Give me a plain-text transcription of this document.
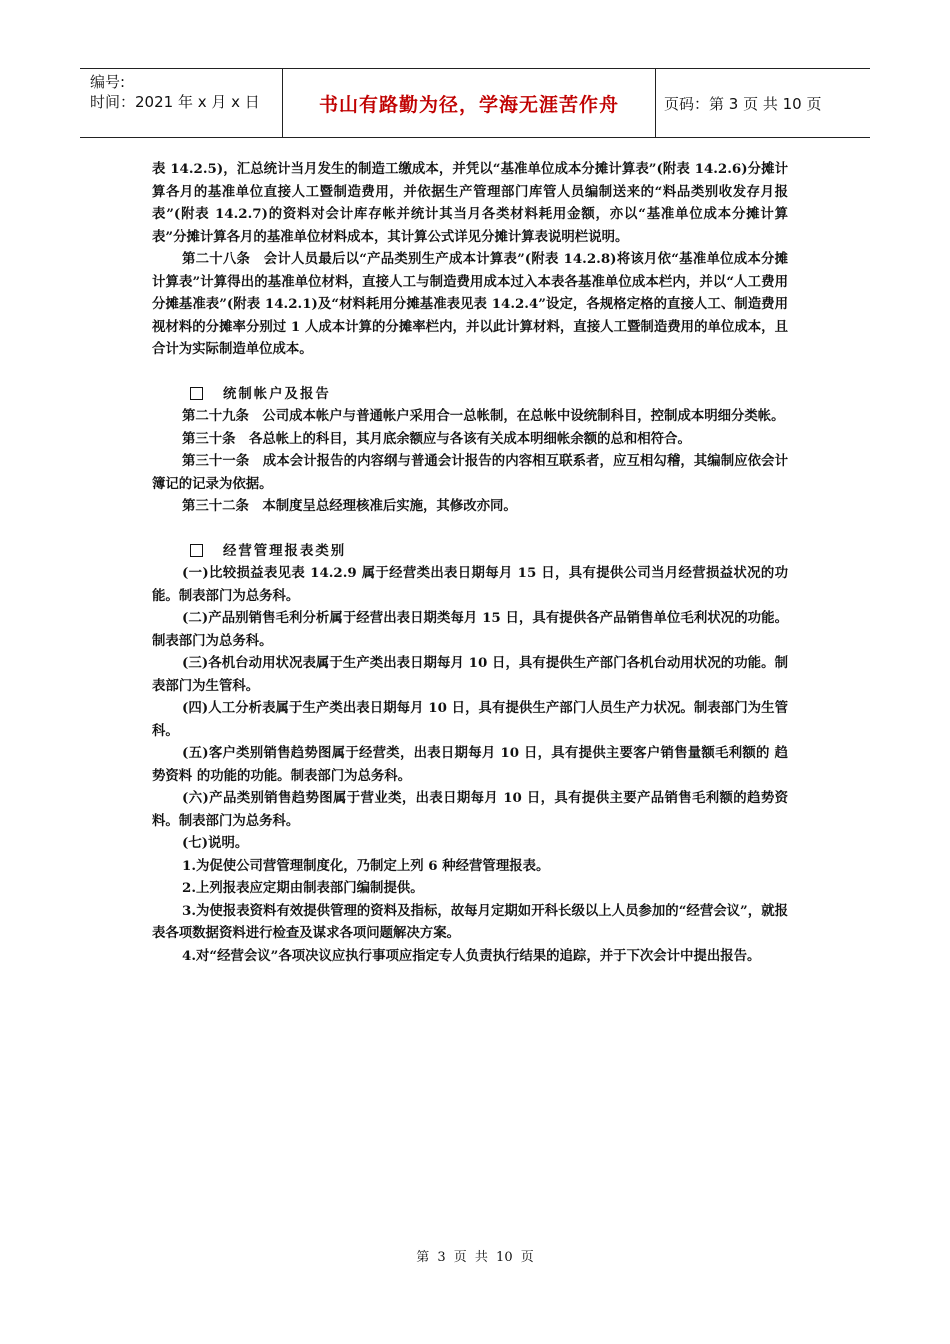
编号:
时间：2021 年 x 月 x 日	书山有路勤为径，学海无涯苦作舟	页码：第 3 页 共 10 页

表 14.2.5)，汇总统计当月发生的制造工缴成本，并凭以“基准单位成本分摊计算表”(附表 14.2.6)分摊计算各月的基准单位直接人工暨制造费用，并依据生产管理部门库管人员编制送来的“料品类别收发存月报表”(附表 14.2.7)的资料对会计库存帐并统计其当月各类材料耗用金额，亦以“基准单位成本分摊计算表”分摊计算各月的基准单位材料成本，其计算公式详见分摊计算表说明栏说明。

第二十八条　会计人员最后以“产品类别生产成本计算表”(附表 14.2.8)将该月依“基准单位成本分摊计算表”计算得出的基准单位材料，直接人工与制造费用成本过入本表各基准单位成本栏内，并以“人工费用分摊基准表”(附表 14.2.1)及“材料耗用分摊基准表见表 14.2.4”设定，各规格定格的直接人工、制造费用视材料的分摊率分别过 1 人成本计算的分摊率栏内，并以此计算材料，直接人工暨制造费用的单位成本，且合计为实际制造单位成本。

统制帐户及报告

第二十九条　公司成本帐户与普通帐户采用合一总帐制，在总帐中设统制科目，控制成本明细分类帐。

第三十条　各总帐上的科目，其月底余额应与各该有关成本明细帐余额的总和相符合。

第三十一条　成本会计报告的内容纲与普通会计报告的内容相互联系者，应互相勾稽，其编制应依会计簿记的记录为依据。

第三十二条　本制度呈总经理核准后实施，其修改亦同。

经营管理报表类别

(一)比较损益表见表 14.2.9 属于经营类出表日期每月 15 日，具有提供公司当月经营损益状况的功能。制表部门为总务科。

(二)产品别销售毛利分析属于经营出表日期类每月 15 日，具有提供各产品销售单位毛利状况的功能。制表部门为总务科。

(三)各机台动用状况表属于生产类出表日期每月 10 日，具有提供生产部门各机台动用状况的功能。制表部门为生管科。

(四)人工分析表属于生产类出表日期每月 10 日，具有提供生产部门人员生产力状况。制表部门为生管科。

(五)客户类别销售趋势图属于经营类，出表日期每月 10 日，具有提供主要客户销售量额毛利额的 趋势资料 的功能的功能。制表部门为总务科。

(六)产品类别销售趋势图属于营业类，出表日期每月 10 日，具有提供主要产品销售毛利额的趋势资料。制表部门为总务科。

(七)说明。

1.为促使公司营管理制度化，乃制定上列 6 种经营管理报表。

2.上列报表应定期由制表部门编制提供。

3.为使报表资料有效提供管理的资料及指标，故每月定期如开科长级以上人员参加的“经营会议”，就报表各项数据资料进行检查及谋求各项问题解决方案。

4.对“经营会议”各项决议应执行事项应指定专人负责执行结果的追踪，并于下次会计中提出报告。

第 3 页 共 10 页
